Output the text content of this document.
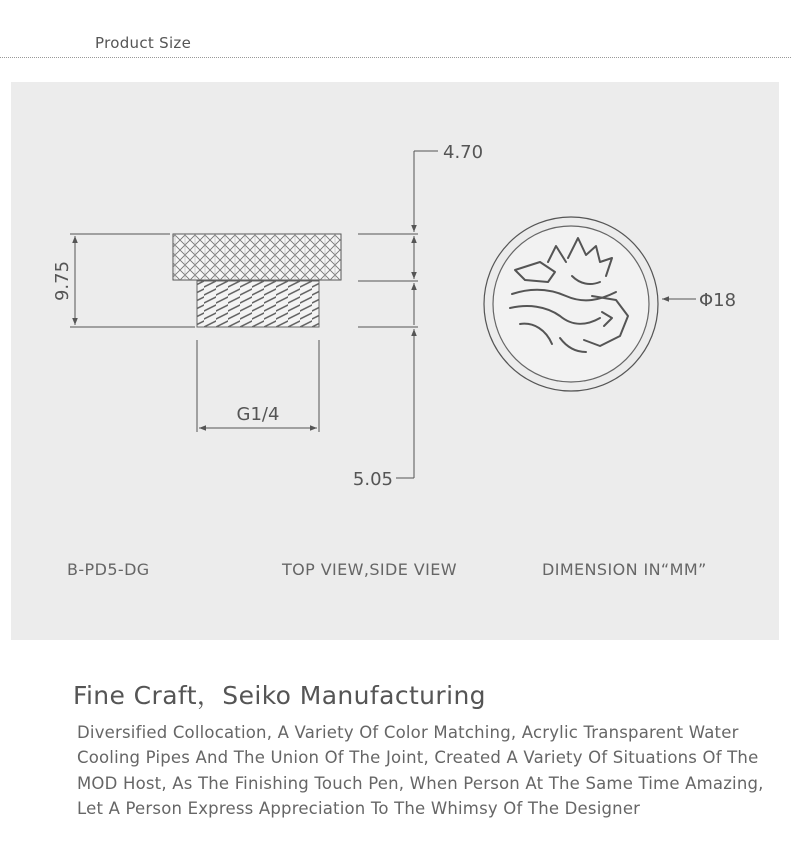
Product Size
9.75
G1/4
4.70
5.05
Φ18
B-PD5-DG	TOP VIEW,SIDE VIEW	DIMENSION IN“MM”
Fine Craft，Seiko Manufacturing
Diversified Collocation, A Variety Of Color Matching, Acrylic Transparent Water Cooling Pipes And The Union Of The Joint, Created A Variety Of Situations Of The MOD Host, As The Finishing Touch Pen, When Person At The Same Time Amazing, Let A Person Express Appreciation To The Whimsy Of The Designer
